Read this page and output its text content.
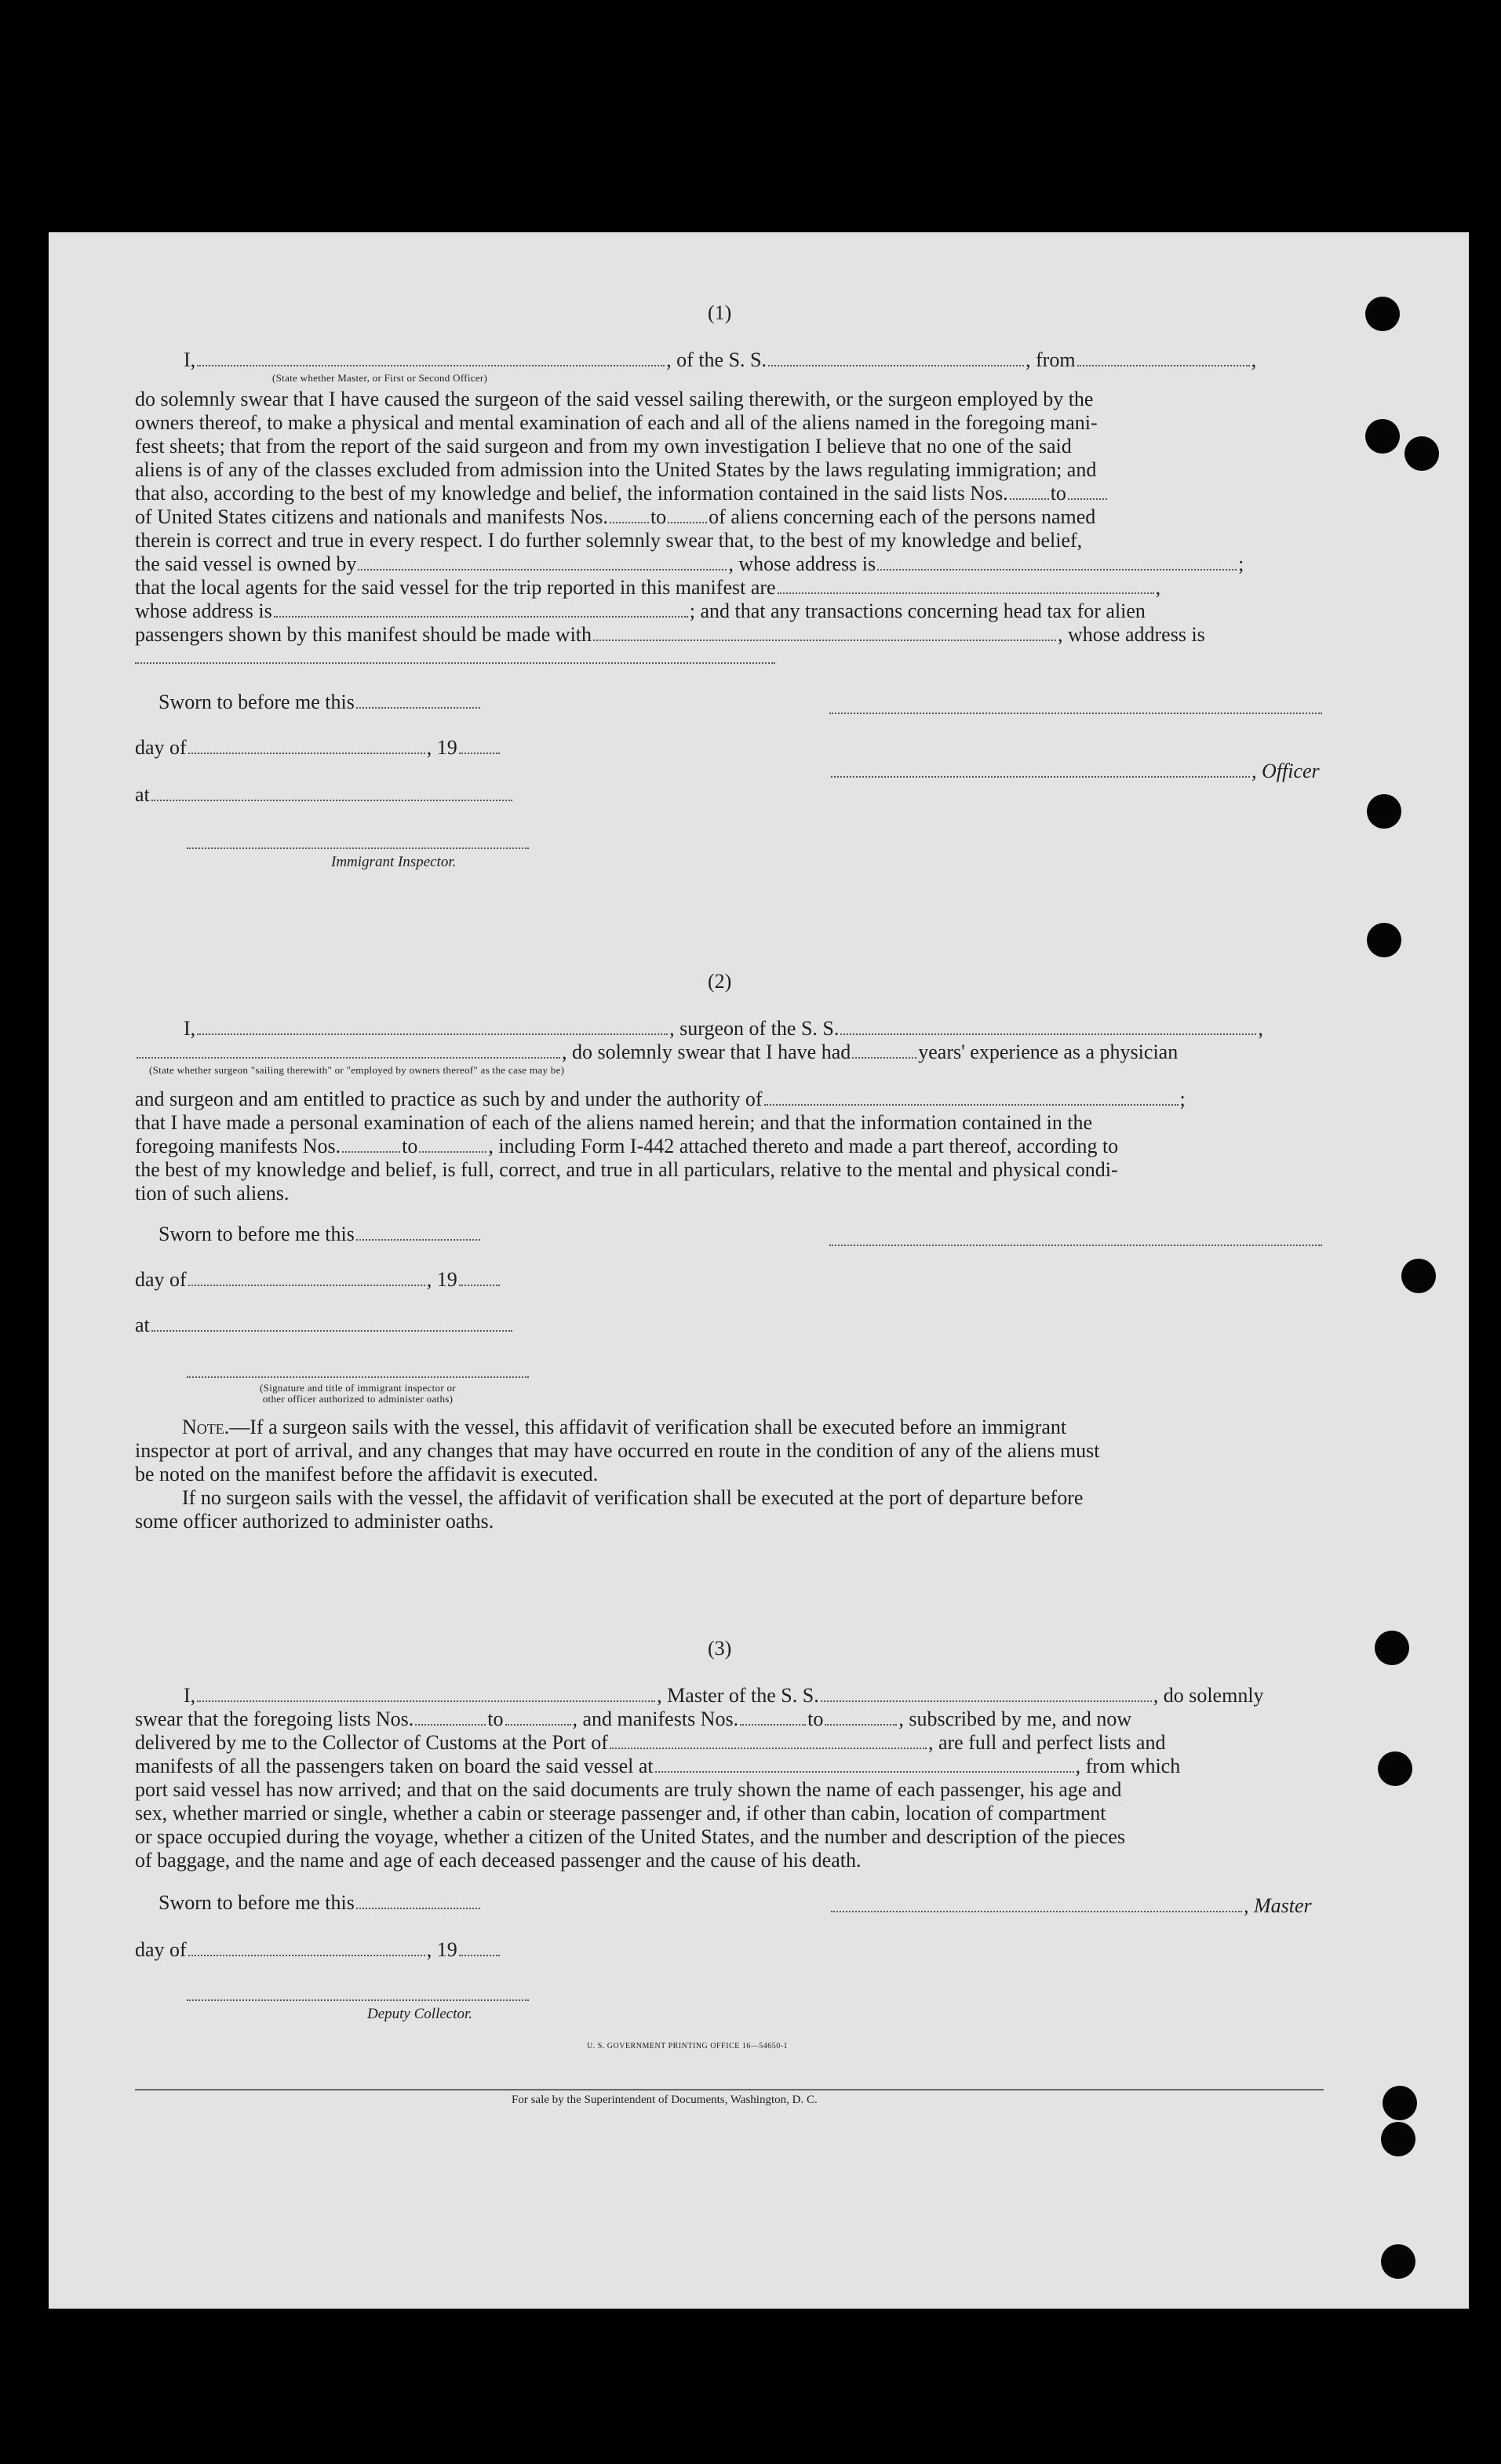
(1)
I,	, of the S. S.	, from	,
(State whether Master, or First or Second Officer)

do solemnly swear that I have caused the surgeon of the said vessel sailing therewith, or the surgeon employed by the

owners thereof, to make a physical and mental examination of each and all of the aliens named in the foregoing mani-

fest sheets; that from the report of the said surgeon and from my own investigation I believe that no one of the said

aliens is of any of the classes excluded from admission into the United States by the laws regulating immigration; and

that also, according to the best of my knowledge and belief, the information contained in the said lists Nos. to

of United States citizens and nationals and manifests Nos. to of aliens concerning each of the persons named

therein is correct and true in every respect. I do further solemnly swear that, to the best of my knowledge and belief,

the said vessel is owned by	, whose address is	;

that the local agents for the said vessel for the trip reported in this manifest are	,

whose address is	; and that any transactions concerning head tax for alien

passengers shown by this manifest should be made with	, whose address is

Sworn to before me this
day of	, 19
, Officer
at
Immigrant Inspector.
(2)
I,	, surgeon of the S. S.	,
, do solemnly swear that I have had	years' experience as a physician
(State whether surgeon "sailing therewith" or "employed by owners thereof" as the case may be)

and surgeon and am entitled to practice as such by and under the authority of	;

that I have made a personal examination of each of the aliens named herein; and that the information contained in the

foregoing manifests Nos.	to	, including Form I-442 attached thereto and made a part thereof, according to

the best of my knowledge and belief, is full, correct, and true in all particulars, relative to the mental and physical condi-

tion of such aliens.

Sworn to before me this
day of	, 19
at
(Signature and title of immigrant inspector or
other officer authorized to administer oaths)

Note.—If a surgeon sails with the vessel, this affidavit of verification shall be executed before an immigrant

inspector at port of arrival, and any changes that may have occurred en route in the condition of any of the aliens must

be noted on the manifest before the affidavit is executed.

If no surgeon sails with the vessel, the affidavit of verification shall be executed at the port of departure before

some officer authorized to administer oaths.

(3)

I,	, Master of the S. S.	, do solemnly

swear that the foregoing lists Nos.	to	, and manifests Nos.	to	, subscribed by me, and now

delivered by me to the Collector of Customs at the Port of	, are full and perfect lists and

manifests of all the passengers taken on board the said vessel at	, from which

port said vessel has now arrived; and that on the said documents are truly shown the name of each passenger, his age and

sex, whether married or single, whether a cabin or steerage passenger and, if other than cabin, location of compartment

or space occupied during the voyage, whether a citizen of the United States, and the number and description of the pieces

of baggage, and the name and age of each deceased passenger and the cause of his death.

Sworn to before me this	, Master
day of	, 19
Deputy Collector.
U. S. GOVERNMENT PRINTING OFFICE 16—54650-1
For sale by the Superintendent of Documents, Washington, D. C.
